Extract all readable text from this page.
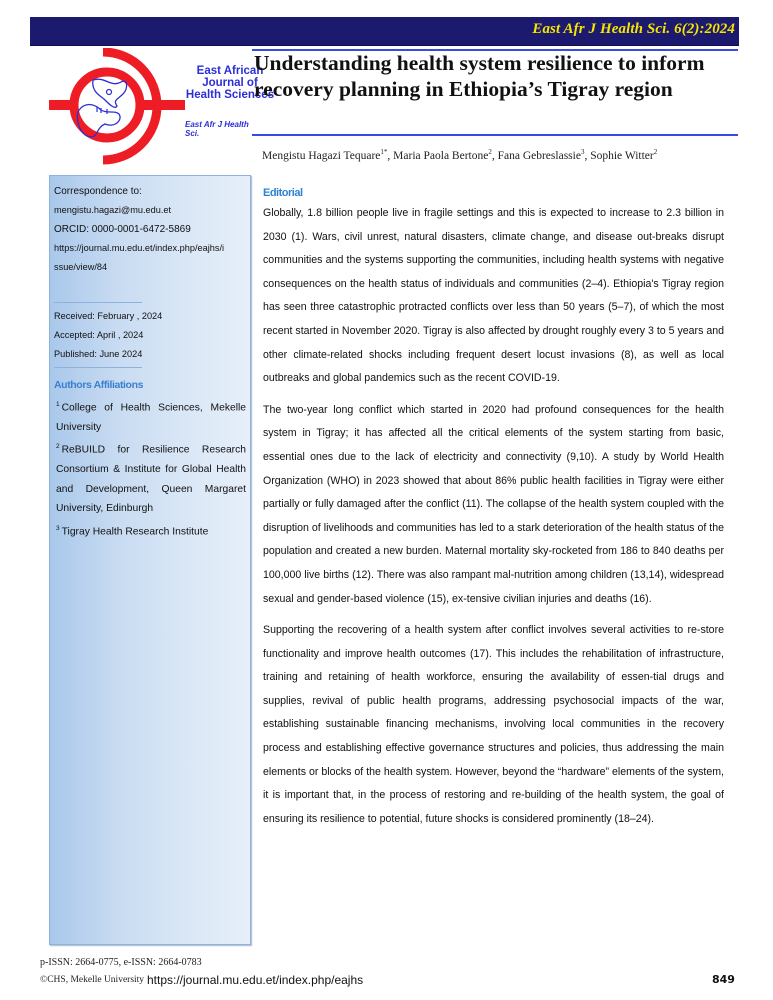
East Afr J Health Sci. 6(2):2024
East African
Journal of
Health Sciences
East Afr J Health Sci.
Understanding health system resilience to inform
recovery planning in Ethiopia’s Tigray region
Mengistu Hagazi Tequare$^{1*}$, Maria Paola Bertone$^2$, Fana Gebreslassie$^3$, Sophie Witter$^2$
Correspondence to:
mengistu.hagazi@mu.edu.et
ORCID: 0000-0001-6472-5869
https://journal.mu.edu.et/index.php/eajhs/i
ssue/view/84
Received: February , 2024
Accepted: April , 2024
Published: June 2024
Authors Affiliations
$^1$ College of Health Sciences, Mekelle University
$^2$ ReBUILD for Resilience Research Consortium & Institute for Global Health and Development, Queen Margaret University, Edinburgh
$^3$ Tigray Health Research Institute
Editorial

Globally, 1.8 billion people live in fragile settings and this is expected to increase to 2.3 billion in 2030 (1). Wars, civil unrest, natural disasters, climate change, and disease out-breaks disrupt communities and the systems supporting the communities, including health systems with negative consequences on the health status of individuals and communities (2–4). Ethiopia's Tigray region has seen three catastrophic protracted conflicts over less than 50 years (5–7), of which the most recent started in November 2020. Tigray is also affected by drought roughly every 3 to 5 years and other climate-related shocks including frequent desert locust invasions (8), as well as local outbreaks and global pandemics such as the recent COVID-19.

The two-year long conflict which started in 2020 had profound consequences for the health system in Tigray; it has affected all the critical elements of the system starting from basic, essential ones due to the lack of electricity and connectivity (9,10). A study by World Health Organization (WHO) in 2023 showed that about 86% public health facilities in Tigray were either partially or fully damaged after the conflict (11). The collapse of the health system coupled with the disruption of livelihoods and communities has led to a stark deterioration of the health status of the population and created a new burden. Maternal mortality sky-rocketed from 186 to 840 deaths per 100,000 live births (12). There was also rampant mal-nutrition among children (13,14), widespread sexual and gender-based violence (15), ex-tensive civilian injuries and deaths (16).

Supporting the recovering of a health system after conflict involves several activities to re-store functionality and improve health outcomes (17). This includes the rehabilitation of infrastructure, training and retaining of health workforce, ensuring the availability of essen-tial drugs and supplies, revival of public health programs, addressing psychosocial impacts of the war, establishing sustainable financing mechanisms, involving local communities in the recovery process and establishing effective governance structures and policies, thus addressing the main elements or blocks of the health system. However, beyond the “hardware” elements of the system, it is important that, in the process of restoring and re-building of the health system, the goal of ensuring its resilience to potential, future shocks is considered prominently (18–24).

p-ISSN: 2664-0775, e-ISSN: 2664-0783
©CHS, Mekelle University https://journal.mu.edu.et/index.php/eajhs	849
